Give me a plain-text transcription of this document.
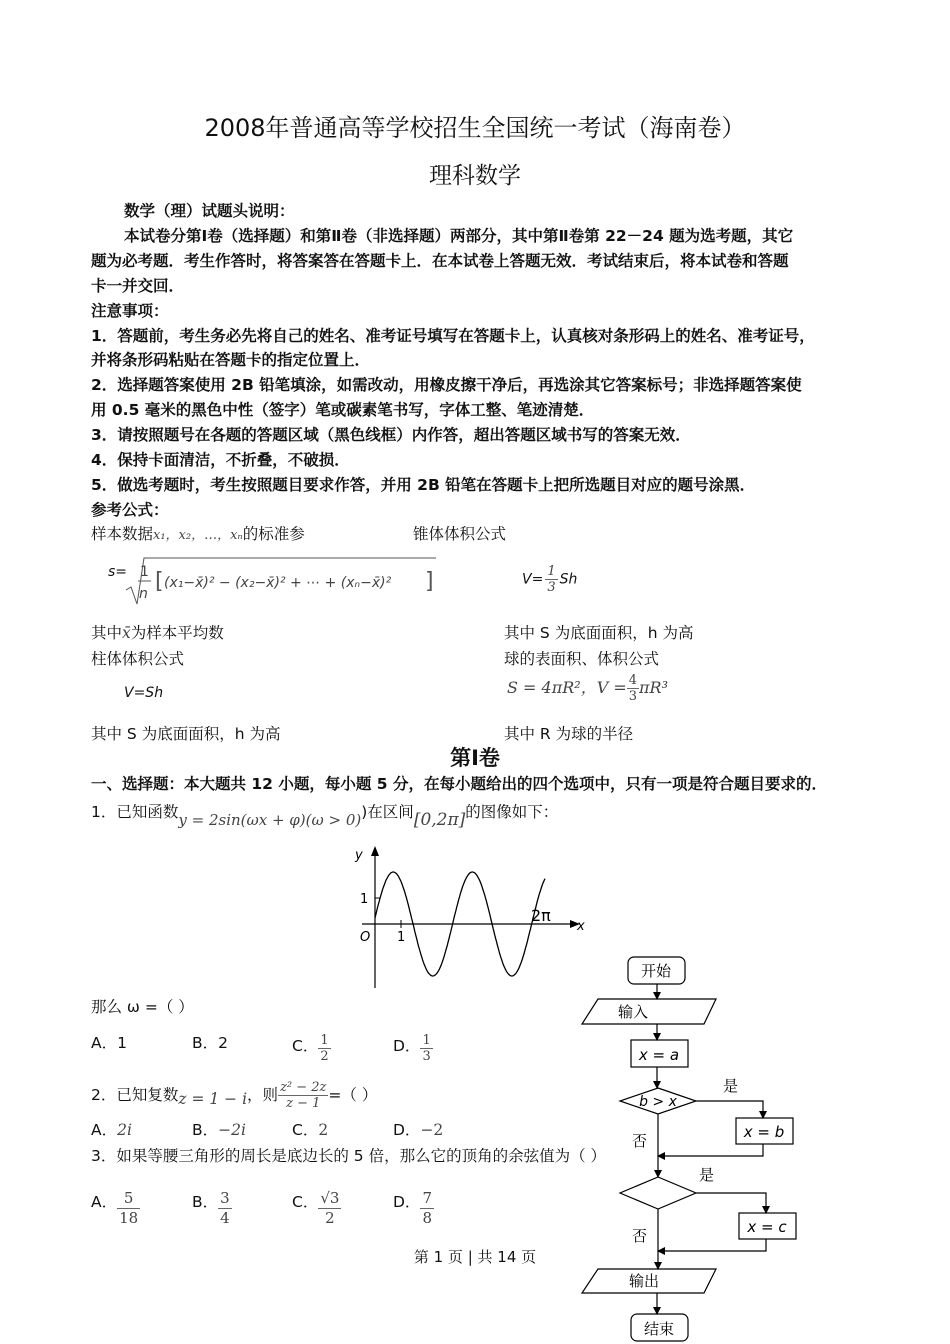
2008年普通高等学校招生全国统一考试（海南卷）
理科数学
数学（理）试题头说明：
本试卷分第Ⅰ卷（选择题）和第Ⅱ卷（非选择题）两部分，其中第Ⅱ卷第 22－24 题为选考题，其它
题为必考题．考生作答时，将答案答在答题卡上．在本试卷上答题无效．考试结束后，将本试卷和答题
卡一并交回．
注意事项：
1．答题前，考生务必先将自己的姓名、准考证号填写在答题卡上，认真核对条形码上的姓名、准考证号，
并将条形码粘贴在答题卡的指定位置上．
2．选择题答案使用 2B 铅笔填涂，如需改动，用橡皮擦干净后，再选涂其它答案标号；非选择题答案使
用 0.5 毫米的黑色中性（签字）笔或碳素笔书写，字体工整、笔迹清楚．
3．请按照题号在各题的答题区域（黑色线框）内作答，超出答题区域书写的答案无效．
4．保持卡面清洁，不折叠，不破损．
5．做选考题时，考生按照题目要求作答，并用 2B 铅笔在答题卡上把所选题目对应的题号涂黑．
参考公式：
样本数据x₁，x₂，…，xₙ的标准参	锥体体积公式
s= 1
n [ (x₁−x̄)² − (x₂−x̄)² + ⋯ + (xₙ−x̄)² ]	$V= \frac{1}{3}$ Sh
其中x̄为样本平均数	其中 S 为底面面积，h 为高
柱体体积公式	球的表面积、体积公式
V=Sh	S = 4πR²，$V = \frac{4}{3} \pi R^3$
其中 S 为底面面积，h 为高	其中 R 为球的半径
第Ⅰ卷
一、选择题：本大题共 12 小题，每小题 5 分，在每小题给出的四个选项中，只有一项是符合题目要求的．
1．已知函数y = 2sin(ωx + φ)(ω > 0))在区间[0,2π]的图像如下：
y
x
O
1
1
2π
那么 ω =（ ）
A．1	B．2	C． $\frac{1}{2}$	D． $\frac{1}{3}$
2．已知复数z = 1 − i，则 $\frac{\text{z² − 2z}}{z - 1}$ =（ ）
A．2i	B．−2i	C．2	D．−2
3．如果等腰三角形的周长是底边长的 5 倍，那么它的顶角的余弦值为（ ）
A． $\frac{5}{18}$	B． $\frac{3}{4}$	C． $\frac{√3}{2}$	D． $\frac{7}{8}$
开始
输入
x = a
b > x
是
否	x = b
是
否	x = c
输出
结束
第 1 页 | 共 14 页
